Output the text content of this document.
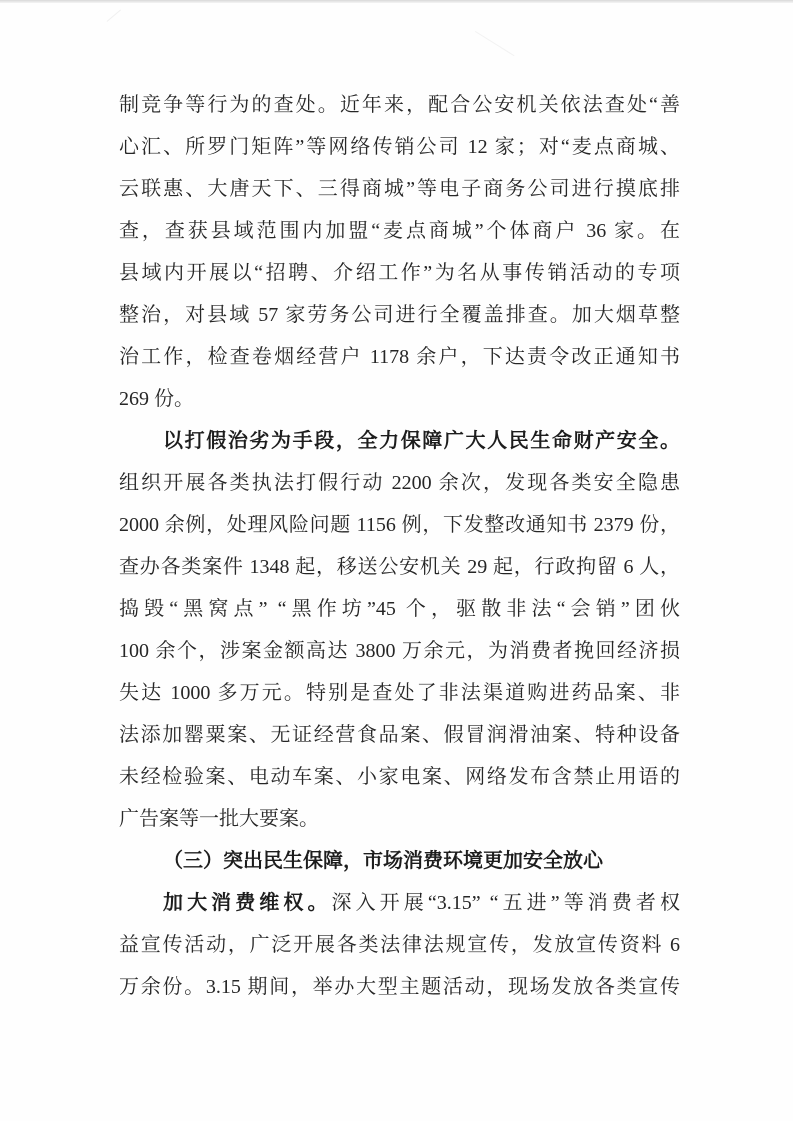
制竞争等行为的查处。近年来，配合公安机关依法查处“善
心汇、所罗门矩阵”等网络传销公司 12 家；对“麦点商城、
云联惠、大唐天下、三得商城”等电子商务公司进行摸底排
查，查获县域范围内加盟“麦点商城”个体商户 36 家。在
县域内开展以“招聘、介绍工作”为名从事传销活动的专项
整治，对县域 57 家劳务公司进行全覆盖排查。加大烟草整
治工作，检查卷烟经营户 1178 余户，下达责令改正通知书
269 份。
以打假治劣为手段，全力保障广大人民生命财产安全。
组织开展各类执法打假行动 2200 余次，发现各类安全隐患
2000 余例，处理风险问题 1156 例，下发整改通知书 2379 份，
查办各类案件 1348 起，移送公安机关 29 起，行政拘留 6 人，
捣毁“黑窝点” “黑作坊”45 个，驱散非法“会销”团伙
100 余个，涉案金额高达 3800 万余元，为消费者挽回经济损
失达 1000 多万元。特别是查处了非法渠道购进药品案、非
法添加罂粟案、无证经营食品案、假冒润滑油案、特种设备
未经检验案、电动车案、小家电案、网络发布含禁止用语的
广告案等一批大要案。
（三）突出民生保障，市场消费环境更加安全放心
加大消费维权。深入开展“3.15” “五进”等消费者权
益宣传活动，广泛开展各类法律法规宣传，发放宣传资料 6
万余份。3.15 期间，举办大型主题活动，现场发放各类宣传
